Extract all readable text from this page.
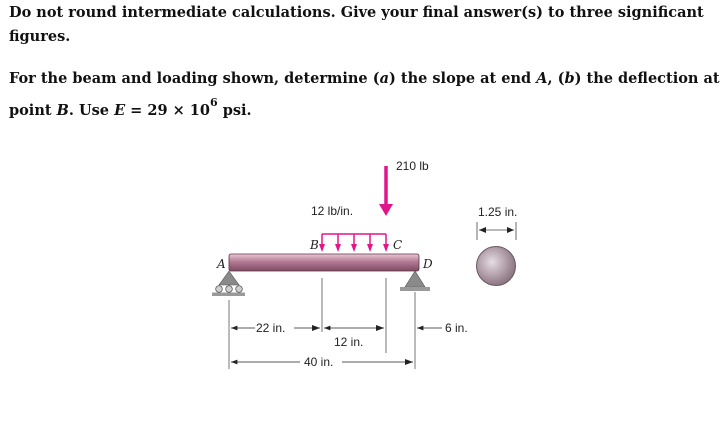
Do not round intermediate calculations. Give your final answer(s) to three significant
figures.
For the beam and loading shown, determine (a) the slope at end A, (b) the deflection at
point B. Use $E = 29 \times 10^6$ psi.
210 lb
12 lb/in.
B	C
A	D
22 in.
12 in.
40 in.
6 in.
1.25 in.
